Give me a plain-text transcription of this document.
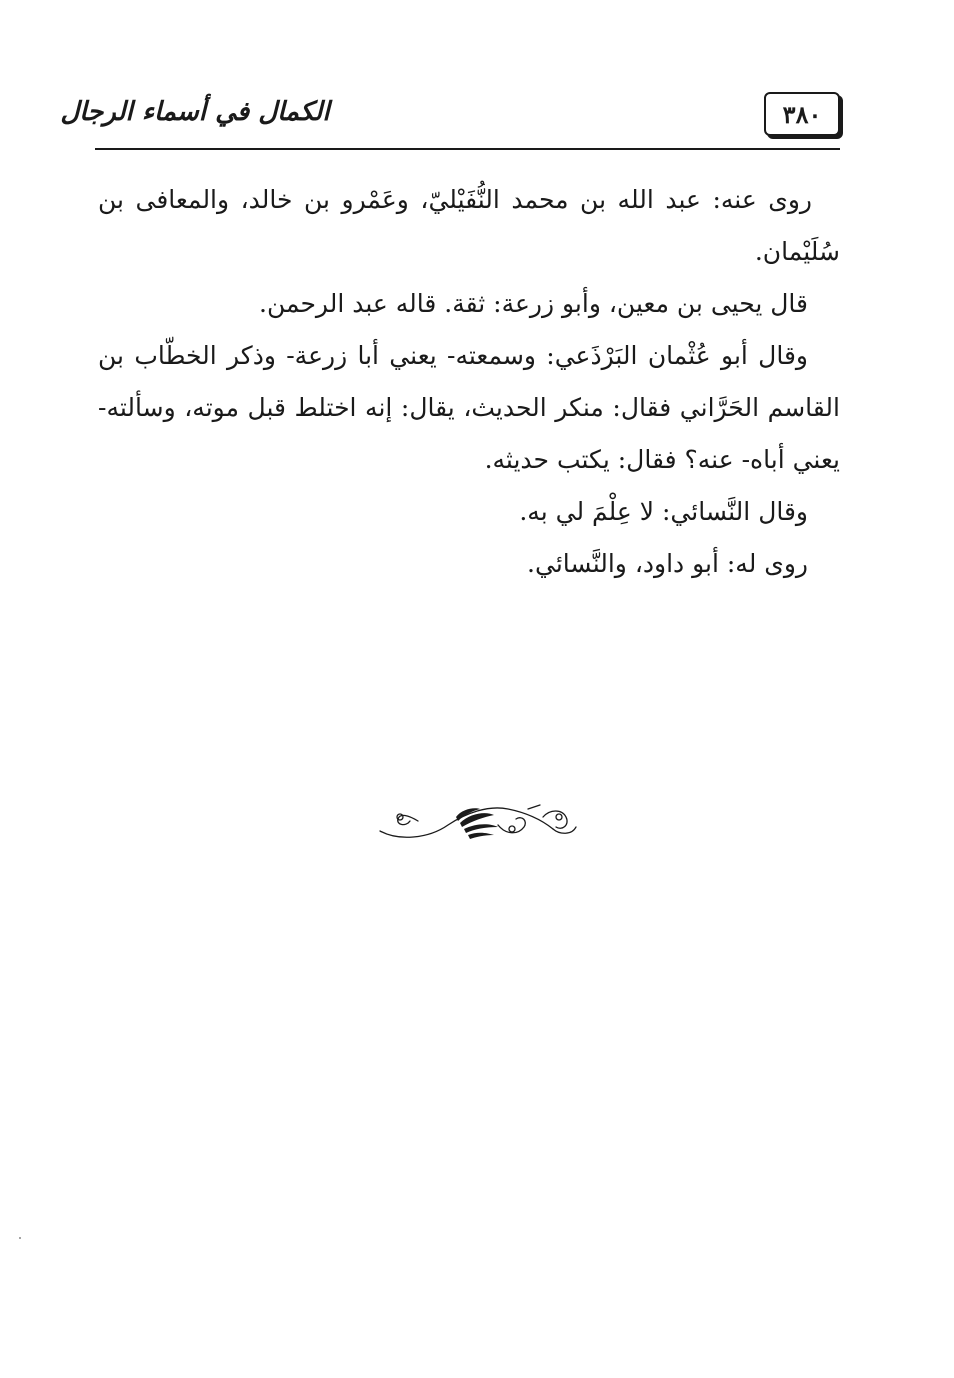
٣٨٠
الكمال في أسماء الرجال

روى عنه: عبد الله بن محمد النُّفَيْليّ، وعَمْرو بن خالد، والمعافى بن سُلَيْمان.

قال يحيى بن معين، وأبو زرعة: ثقة. قاله عبد الرحمن.

وقال أبو عُثْمان البَرْذَعي: وسمعته- يعني أبا زرعة- وذكر الخطّاب بن القاسم الحَرَّاني فقال: منكر الحديث، يقال: إنه اختلط قبل موته، وسألته- يعني أباه- عنه؟ فقال: يكتب حديثه.

وقال النَّسائي: لا عِلْمَ لي به.

روى له: أبو داود، والنَّسائي.
